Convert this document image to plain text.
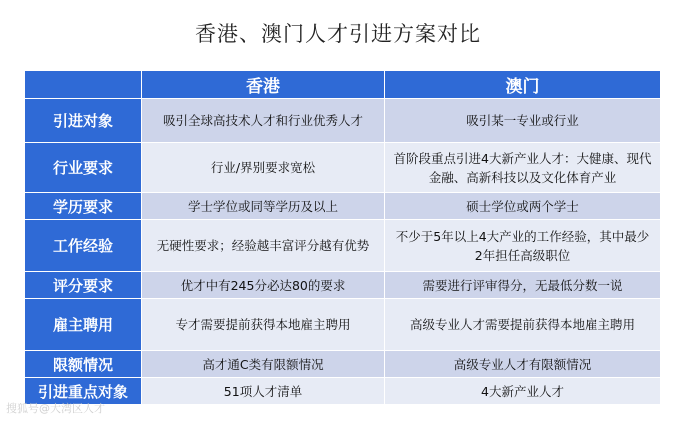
香港、澳门人才引进方案对比
	香港	澳门
引进对象	吸引全球高技术人才和行业优秀人才	吸引某一专业或行业
行业要求	行业/界别要求宽松	首阶段重点引进4大新产业人才：大健康、现代金融、高新科技以及文化体育产业
学历要求	学士学位或同等学历及以上	硕士学位或两个学士
工作经验	无硬性要求；经验越丰富评分越有优势	不少于5年以上4大产业的工作经验，其中最少2年担任高级职位
评分要求	优才中有245分必达80的要求	需要进行评审得分，无最低分数一说
雇主聘用	专才需要提前获得本地雇主聘用	高级专业人才需要提前获得本地雇主聘用
限额情况	高才通C类有限额情况	高级专业人才有限额情况
引进重点对象	51项人才清单	4大新产业人才
搜狐号@大湾区人才
